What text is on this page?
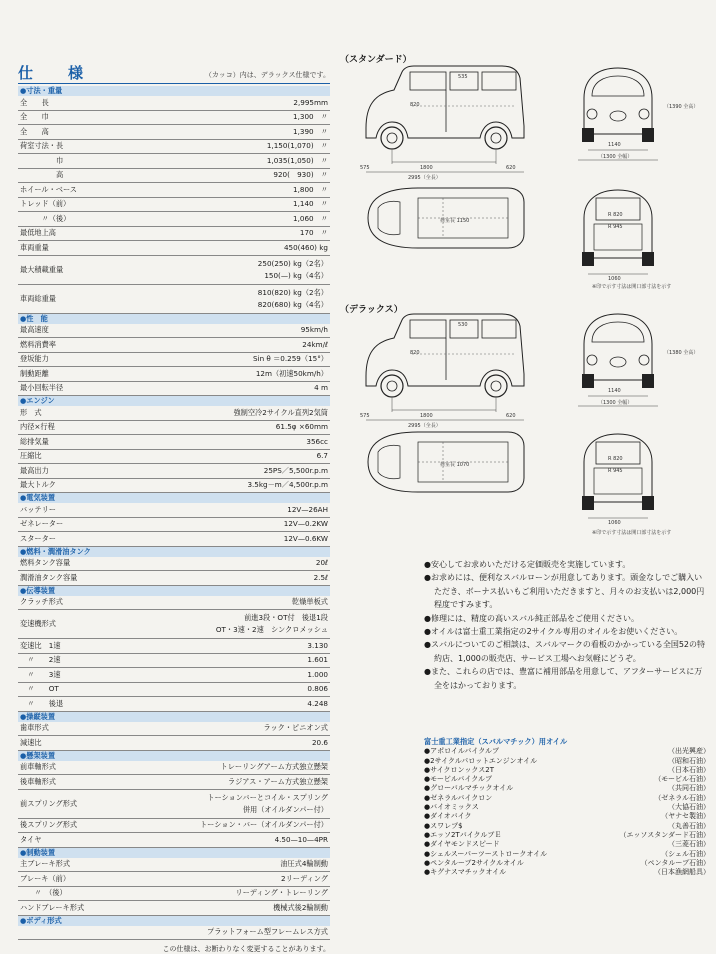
仕　様	（カッコ）内は、デラックス仕様です。
●寸法・重量
全　　長	2,995mm
全　　巾	1,300　〃
全　　高	1,390　〃
荷室寸法・長	1,150(1,070)　〃
　　　　　巾	1,035(1,050)　〃
　　　　　高	920(　930)　〃
ホイール・ベース	1,800　〃
トレッド（前）	1,140　〃
　　　〃（後）	1,060　〃
最低地上高	170　〃
車両重量	450(460) kg
最大積載重量
250(250) kg（2名）
150(—) kg（4名）
車両総重量
810(820) kg（2名）
820(680) kg（4名）
●性　能
最高速度	95km/h
燃料消費率	24km/ℓ
登坂能力	Sin θ ＝0.259（15°）
制動距離	12m（初速50km/h）
最小回転半径	4 m
●エンジン
形　式	強制空冷2サイクル直列2気筒
内径×行程	61.5φ ×60mm
総排気量	356cc
圧縮比	6.7
最高出力	25PS／5,500r.p.m
最大トルク	3.5kg－m／4,500r.p.m
●電気装置
バッテリー	12V—26AH
ゼネレーター	12V—0.2KW
スターター	12V—0.6KW
●燃料・潤滑油タンク
燃料タンク容量	20ℓ
潤滑油タンク容量	2.5ℓ
●伝導装置
クラッチ形式	乾燥単板式
変速機形式
前進3段・OT付　後退1段
OT・3速・2速　シンクロメッシュ
変速比　1速	3.130
　〃　　2速	1.601
　〃　　3速	1.000
　〃　　OT	0.806
　〃　　後退	4.248
●操縦装置
歯車形式	ラック・ピニオン式
減速比	20.6
●懸架装置
前車軸形式	トレーリングアーム方式独立懸架
後車軸形式	ラジアス・アーム方式独立懸架
前スプリング形式
トーションバーとコイル・スプリング
併用（オイルダンパー付）
後スプリング形式	トーション・バー（オイルダンパー付）
タイヤ	4.50—10—4PR
●制動装置
主ブレーキ形式	油圧式4輪制動
ブレーキ（前）	2リーディング
　　〃　（後）	リーディング・トレーリング
ハンドブレーキ形式	機械式後2輪制動
●ボディ形式
プラットフォーム型フレームレス方式
この仕様は、お断わりなく変更することがあります。
（スタンダード）
（デラックス）
1800
2995（全長）
575	620
1140
（1300 全幅）
（1390 全高）
1060
荷室長 1150
R 820
R 945
535
820
※印で示す寸法は開口部寸法を示す
1800
2995（全長）
575	620
1140
（1300 全幅）
（1380 全高）
1060
荷室長 1070
R 820
R 945
530
820
※印で示す寸法は開口部寸法を示す

●安心してお求めいただける定価販売を実施しています。

●お求めには、便利なスバルローンが用意してあります。頭金なしでご購入いただき、ボーナス払いもご利用いただきますと、月々のお支払いは2,000円程度ですみます。

●修理には、精度の高いスバル純正部品をご使用ください。

●オイルは富士重工業指定の2サイクル専用のオイルをお使いください。

●スバルについてのご相談は、スバルマークの看板のかかっている全国52の特約店、1,000の販売店、サービス工場へお気軽にどうぞ。

●また、これらの店では、豊富に補用部品を用意して、アフターサービスに万全をはかっております。

富士重工業指定（スバルマチック）用オイル
●アポロイルバイクルブ	（出光興産）
●2サイクルパロットエンジンオイル	（昭和石油）
●サイクロンックス2T	（日本石油）
●モービルバイクルブ	（モービル石油）
●グローバルマチックオイル	（共同石油）
●ゼネラルバイクロン	（ゼネラル石油）
●バイオミックス	（大協石油）
●ダイオバイク	（ヤナセ製油）
●スワレプ$	（丸善石油）
●エッソ2TバイクルブＥ	（エッソスタンダード石油）
●ダイヤモンドスピード	（三菱石油）
●シェルスーパーツーストロークオイル	（シェル石油）
●ペンタルーブ2サイクルオイル	（ペンタルーブ石油）
●キグナスマチックオイル	（日本漁網船具）
